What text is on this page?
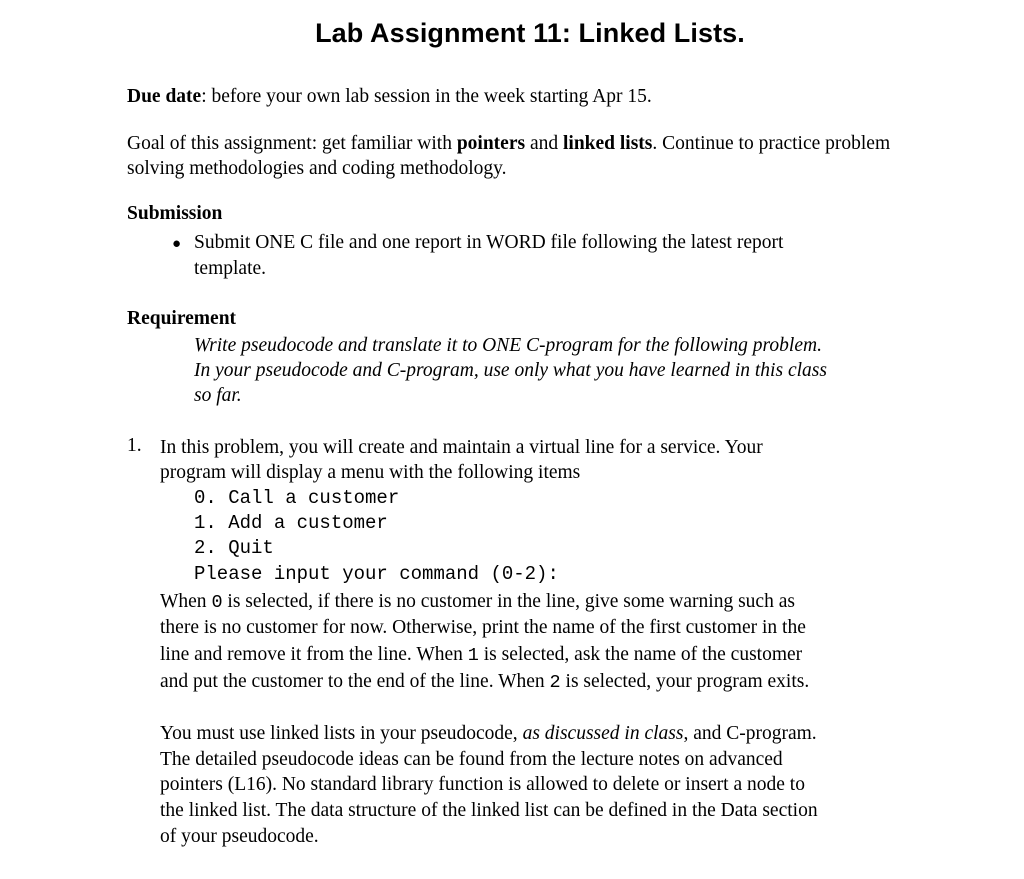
Lab Assignment 11: Linked Lists.

Due date: before your own lab session in the week starting Apr 15.

Goal of this assignment: get familiar with pointers and linked lists. Continue to practice problem

solving methodologies and coding methodology.

Submission
● Submit ONE C file and one report in WORD file following the latest report

template.

Requirement

Write pseudocode and translate it to ONE C-program for the following problem.

In your pseudocode and C-program, use only what you have learned in this class

so far.

1. In this problem, you will create and maintain a virtual line for a service. Your

program will display a menu with the following items

0. Call a customer
1. Add a customer
2. Quit
Please input your command (0-2):

When 0 is selected, if there is no customer in the line, give some warning such as

there is no customer for now. Otherwise, print the name of the first customer in the

line and remove it from the line. When 1 is selected, ask the name of the customer

and put the customer to the end of the line. When 2 is selected, your program exits.

You must use linked lists in your pseudocode, as discussed in class, and C-program.

The detailed pseudocode ideas can be found from the lecture notes on advanced

pointers (L16). No standard library function is allowed to delete or insert a node to

the linked list. The data structure of the linked list can be defined in the Data section

of your pseudocode.
